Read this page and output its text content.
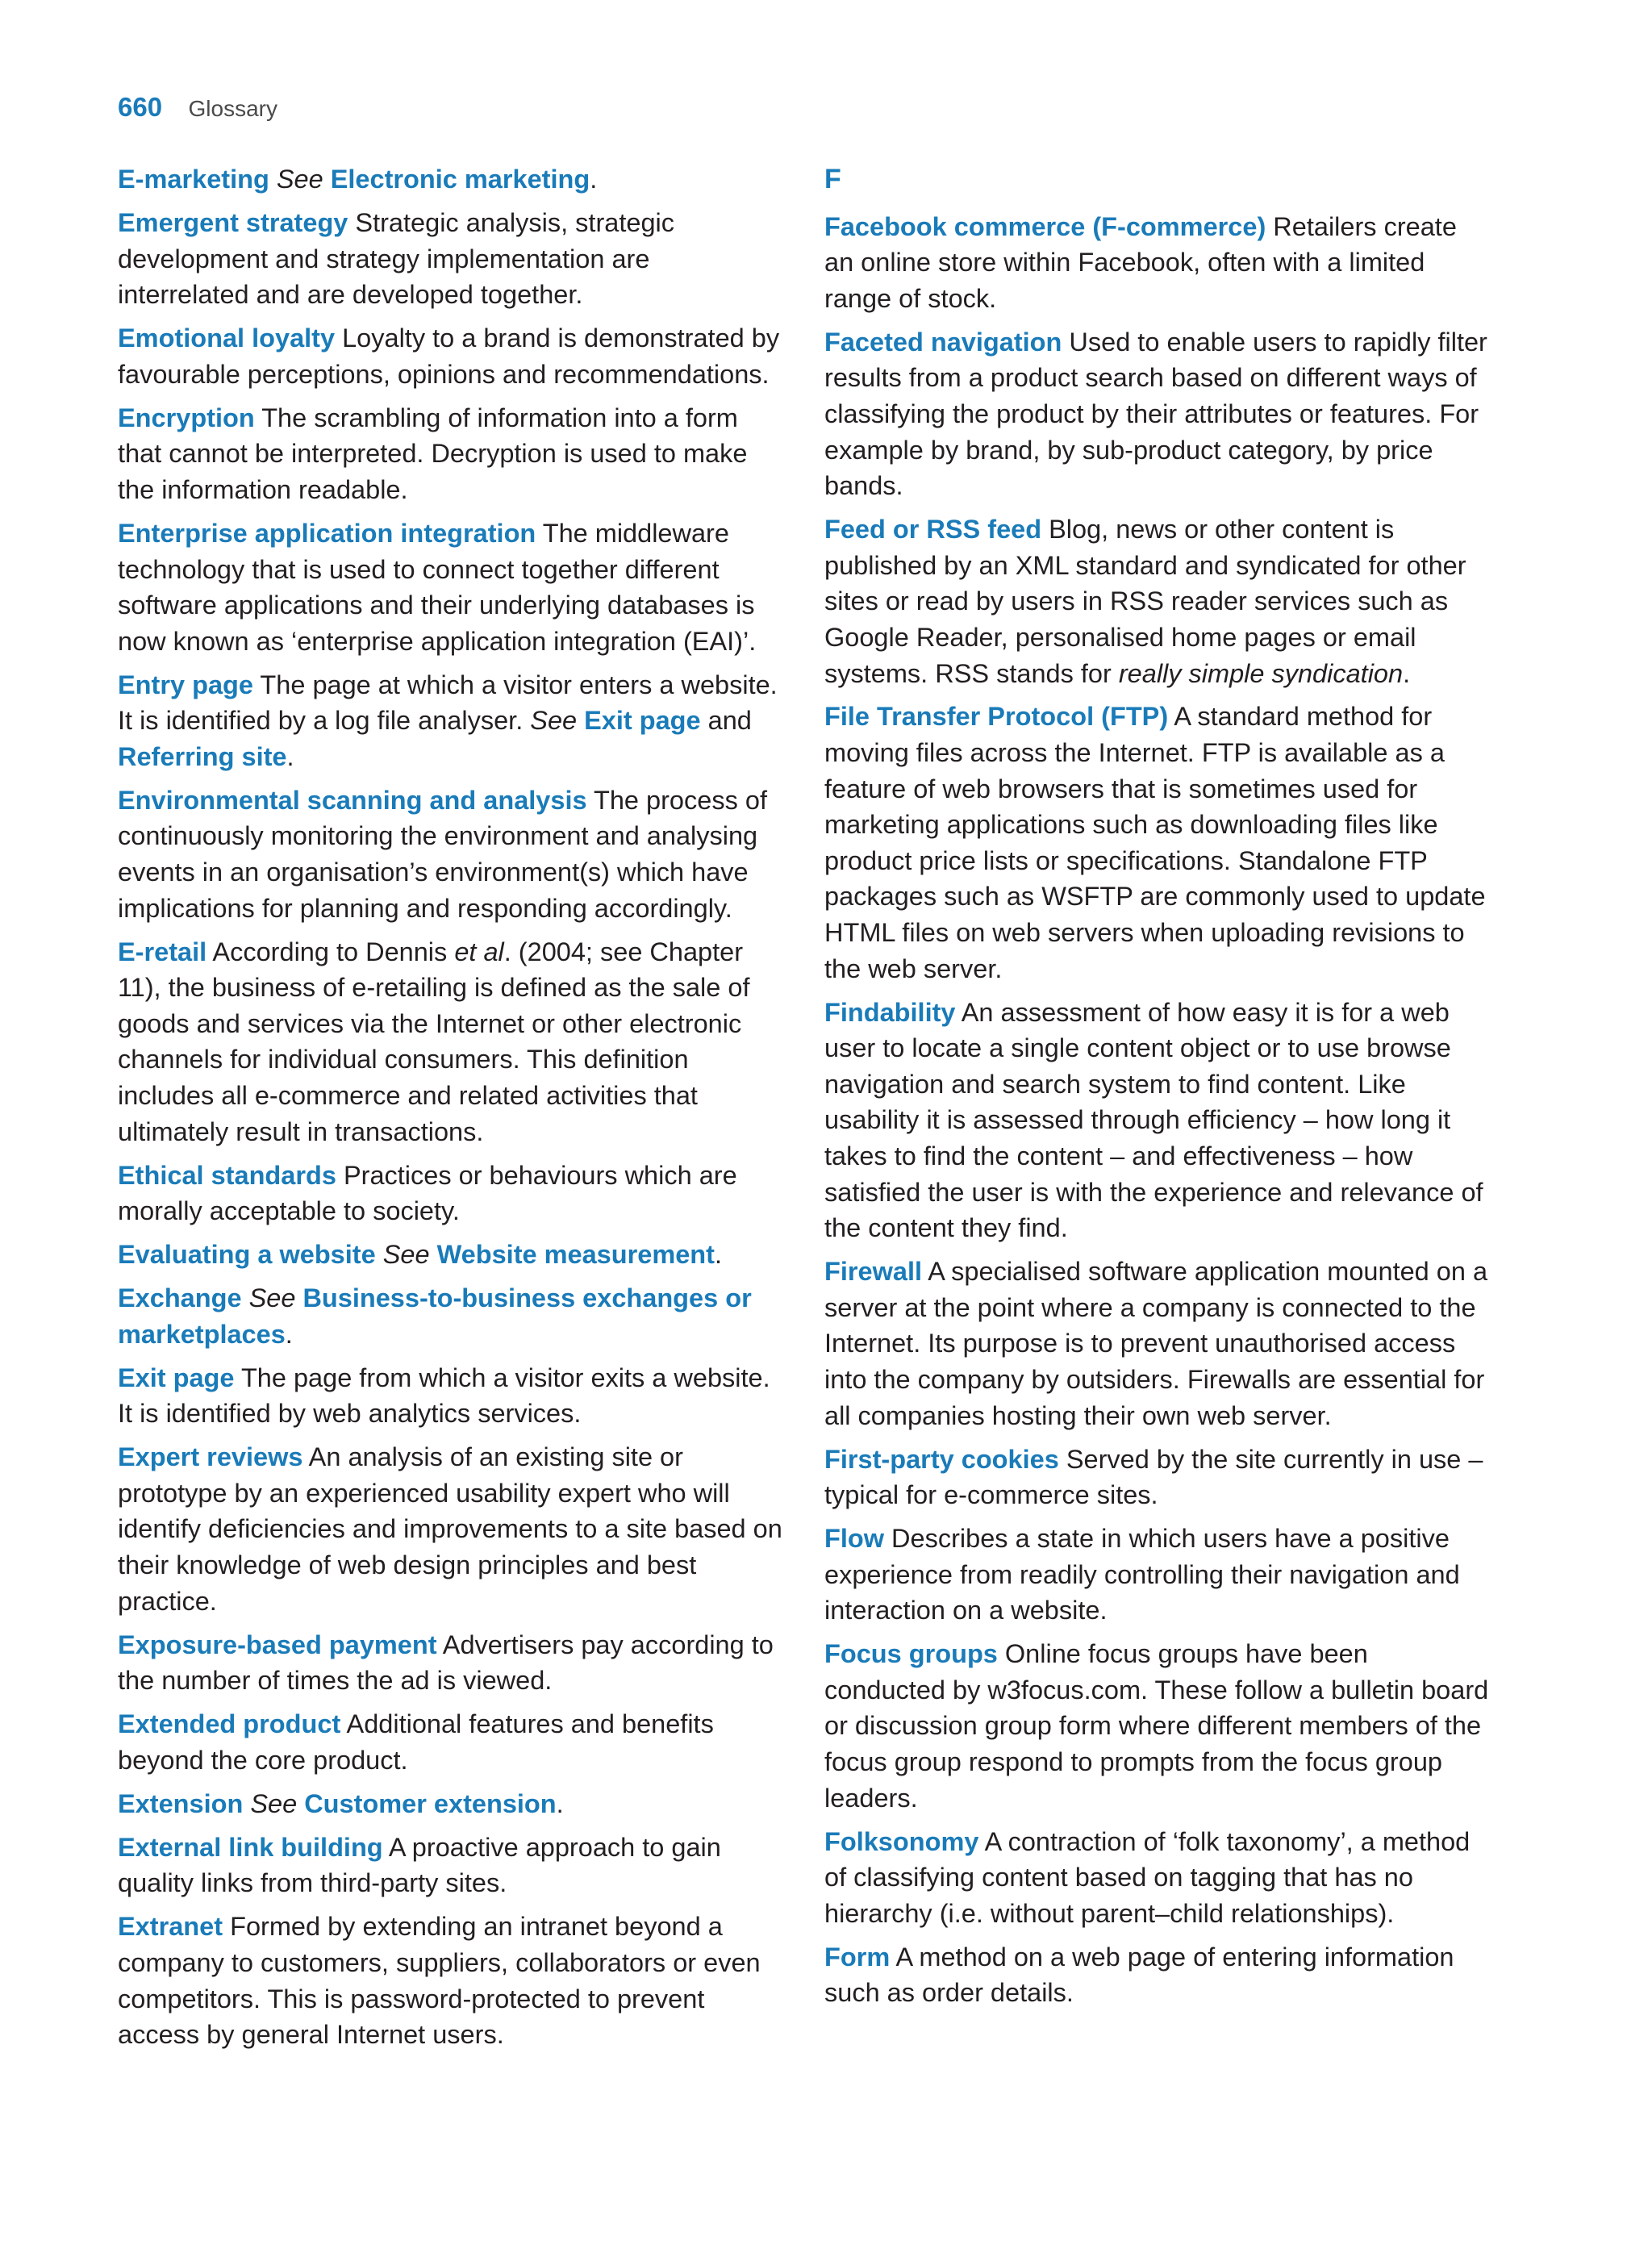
660 Glossary

E-marketing See Electronic marketing.

Emergent strategy Strategic analysis, strategic development and strategy implementation are interrelated and are developed together.

Emotional loyalty Loyalty to a brand is demonstrated by favourable perceptions, opinions and recommendations.

Encryption The scrambling of information into a form that cannot be interpreted. Decryption is used to make the information readable.

Enterprise application integration The middleware technology that is used to connect together different software applications and their underlying databases is now known as ‘enterprise application integration (EAI)’.

Entry page The page at which a visitor enters a website. It is identified by a log file analyser. See Exit page and Referring site.

Environmental scanning and analysis The process of continuously monitoring the environment and analysing events in an organisation’s environment(s) which have implications for planning and responding accordingly.

E-retail According to Dennis et al. (2004; see Chapter 11), the business of e-retailing is defined as the sale of goods and services via the Internet or other electronic channels for individual consumers. This definition includes all e-commerce and related activities that ultimately result in transactions.

Ethical standards Practices or behaviours which are morally acceptable to society.

Evaluating a website See Website measurement.

Exchange See Business-to-business exchanges or marketplaces.

Exit page The page from which a visitor exits a website. It is identified by web analytics services.

Expert reviews An analysis of an existing site or prototype by an experienced usability expert who will identify deficiencies and improvements to a site based on their knowledge of web design principles and best practice.

Exposure-based payment Advertisers pay according to the number of times the ad is viewed.

Extended product Additional features and benefits beyond the core product.

Extension See Customer extension.

External link building A proactive approach to gain quality links from third-party sites.

Extranet Formed by extending an intranet beyond a company to customers, suppliers, collaborators or even competitors. This is password-protected to prevent access by general Internet users.

F

Facebook commerce (F-commerce) Retailers create an online store within Facebook, often with a limited range of stock.

Faceted navigation Used to enable users to rapidly filter results from a product search based on different ways of classifying the product by their attributes or features. For example by brand, by sub-product category, by price bands.

Feed or RSS feed Blog, news or other content is published by an XML standard and syndicated for other sites or read by users in RSS reader services such as Google Reader, personalised home pages or email systems. RSS stands for really simple syndication.

File Transfer Protocol (FTP) A standard method for moving files across the Internet. FTP is available as a feature of web browsers that is sometimes used for marketing applications such as downloading files like product price lists or specifications. Standalone FTP packages such as WSFTP are commonly used to update HTML files on web servers when uploading revisions to the web server.

Findability An assessment of how easy it is for a web user to locate a single content object or to use browse navigation and search system to find content. Like usability it is assessed through efficiency – how long it takes to find the content – and effectiveness – how satisfied the user is with the experience and relevance of the content they find.

Firewall A specialised software application mounted on a server at the point where a company is connected to the Internet. Its purpose is to prevent unauthorised access into the company by outsiders. Firewalls are essential for all companies hosting their own web server.

First-party cookies Served by the site currently in use – typical for e-commerce sites.

Flow Describes a state in which users have a positive experience from readily controlling their navigation and interaction on a website.

Focus groups Online focus groups have been conducted by w3focus.com. These follow a bulletin board or discussion group form where different members of the focus group respond to prompts from the focus group leaders.

Folksonomy A contraction of ‘folk taxonomy’, a method of classifying content based on tagging that has no hierarchy (i.e. without parent–child relationships).

Form A method on a web page of entering information such as order details.
